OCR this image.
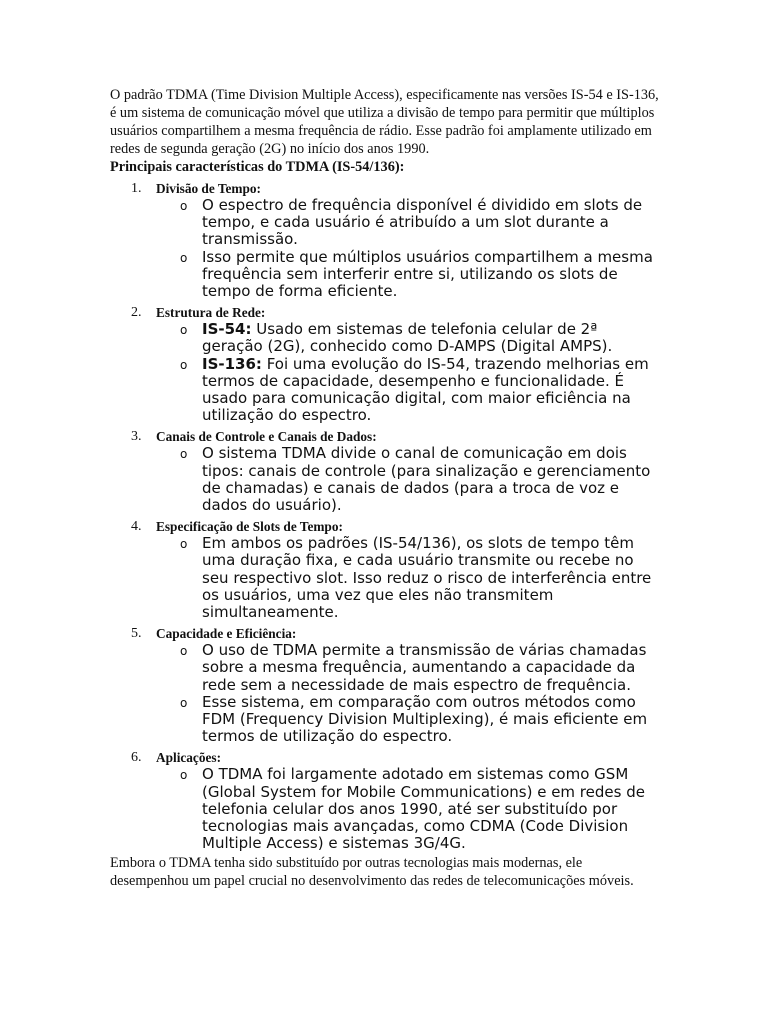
O padrão TDMA (Time Division Multiple Access), especificamente nas versões IS-54 e IS-136, é um sistema de comunicação móvel que utiliza a divisão de tempo para permitir que múltiplos usuários compartilhem a mesma frequência de rádio. Esse padrão foi amplamente utilizado em redes de segunda geração (2G) no início dos anos 1990.

Principais características do TDMA (IS-54/136):

1. Divisão de Tempo:
o O espectro de frequência disponível é dividido em slots de tempo, e cada usuário é atribuído a um slot durante a transmissão.
o Isso permite que múltiplos usuários compartilhem a mesma frequência sem interferir entre si, utilizando os slots de tempo de forma eficiente.
2. Estrutura de Rede:
o IS-54: Usado em sistemas de telefonia celular de 2ª geração (2G), conhecido como D-AMPS (Digital AMPS).
o IS-136: Foi uma evolução do IS-54, trazendo melhorias em termos de capacidade, desempenho e funcionalidade. É usado para comunicação digital, com maior eficiência na utilização do espectro.
3. Canais de Controle e Canais de Dados:
o O sistema TDMA divide o canal de comunicação em dois tipos: canais de controle (para sinalização e gerenciamento de chamadas) e canais de dados (para a troca de voz e dados do usuário).
4. Especificação de Slots de Tempo:
o Em ambos os padrões (IS-54/136), os slots de tempo têm uma duração fixa, e cada usuário transmite ou recebe no seu respectivo slot. Isso reduz o risco de interferência entre os usuários, uma vez que eles não transmitem simultaneamente.
5. Capacidade e Eficiência:
o O uso de TDMA permite a transmissão de várias chamadas sobre a mesma frequência, aumentando a capacidade da rede sem a necessidade de mais espectro de frequência.
o Esse sistema, em comparação com outros métodos como FDM (Frequency Division Multiplexing), é mais eficiente em termos de utilização do espectro.
6. Aplicações:
o O TDMA foi largamente adotado em sistemas como GSM (Global System for Mobile Communications) e em redes de telefonia celular dos anos 1990, até ser substituído por tecnologias mais avançadas, como CDMA (Code Division Multiple Access) e sistemas 3G/4G.

Embora o TDMA tenha sido substituído por outras tecnologias mais modernas, ele desempenhou um papel crucial no desenvolvimento das redes de telecomunicações móveis.
